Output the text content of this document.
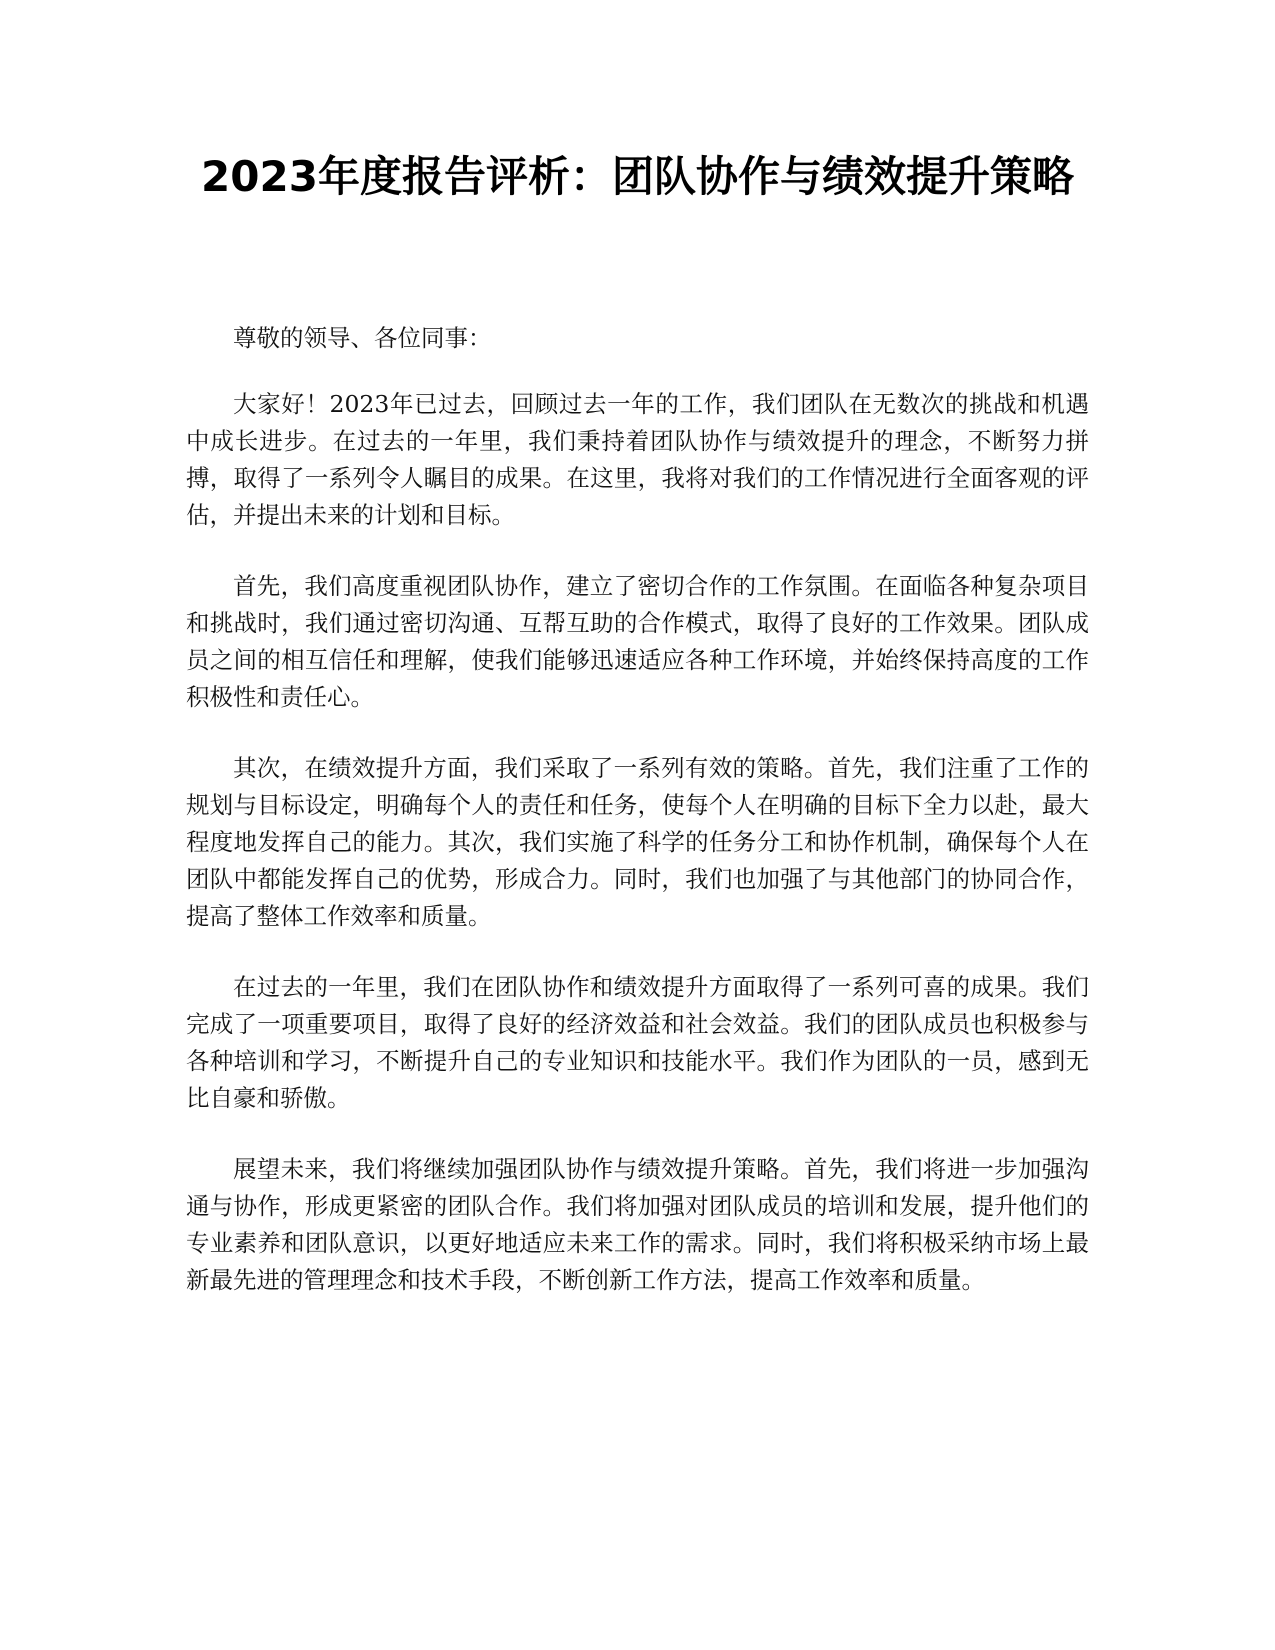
2023年度报告评析：团队协作与绩效提升策略

尊敬的领导、各位同事：

大家好！2023年已过去，回顾过去一年的工作，我们团队在无数次的挑战和机遇中成长进步。在过去的一年里，我们秉持着团队协作与绩效提升的理念，不断努力拼搏，取得了一系列令人瞩目的成果。在这里，我将对我们的工作情况进行全面客观的评估，并提出未来的计划和目标。

首先，我们高度重视团队协作，建立了密切合作的工作氛围。在面临各种复杂项目和挑战时，我们通过密切沟通、互帮互助的合作模式，取得了良好的工作效果。团队成员之间的相互信任和理解，使我们能够迅速适应各种工作环境，并始终保持高度的工作积极性和责任心。

其次，在绩效提升方面，我们采取了一系列有效的策略。首先，我们注重了工作的规划与目标设定，明确每个人的责任和任务，使每个人在明确的目标下全力以赴，最大程度地发挥自己的能力。其次，我们实施了科学的任务分工和协作机制，确保每个人在团队中都能发挥自己的优势，形成合力。同时，我们也加强了与其他部门的协同合作，提高了整体工作效率和质量。

在过去的一年里，我们在团队协作和绩效提升方面取得了一系列可喜的成果。我们完成了一项重要项目，取得了良好的经济效益和社会效益。我们的团队成员也积极参与各种培训和学习，不断提升自己的专业知识和技能水平。我们作为团队的一员，感到无比自豪和骄傲。

展望未来，我们将继续加强团队协作与绩效提升策略。首先，我们将进一步加强沟通与协作，形成更紧密的团队合作。我们将加强对团队成员的培训和发展，提升他们的专业素养和团队意识，以更好地适应未来工作的需求。同时，我们将积极采纳市场上最新最先进的管理理念和技术手段，不断创新工作方法，提高工作效率和质量。
